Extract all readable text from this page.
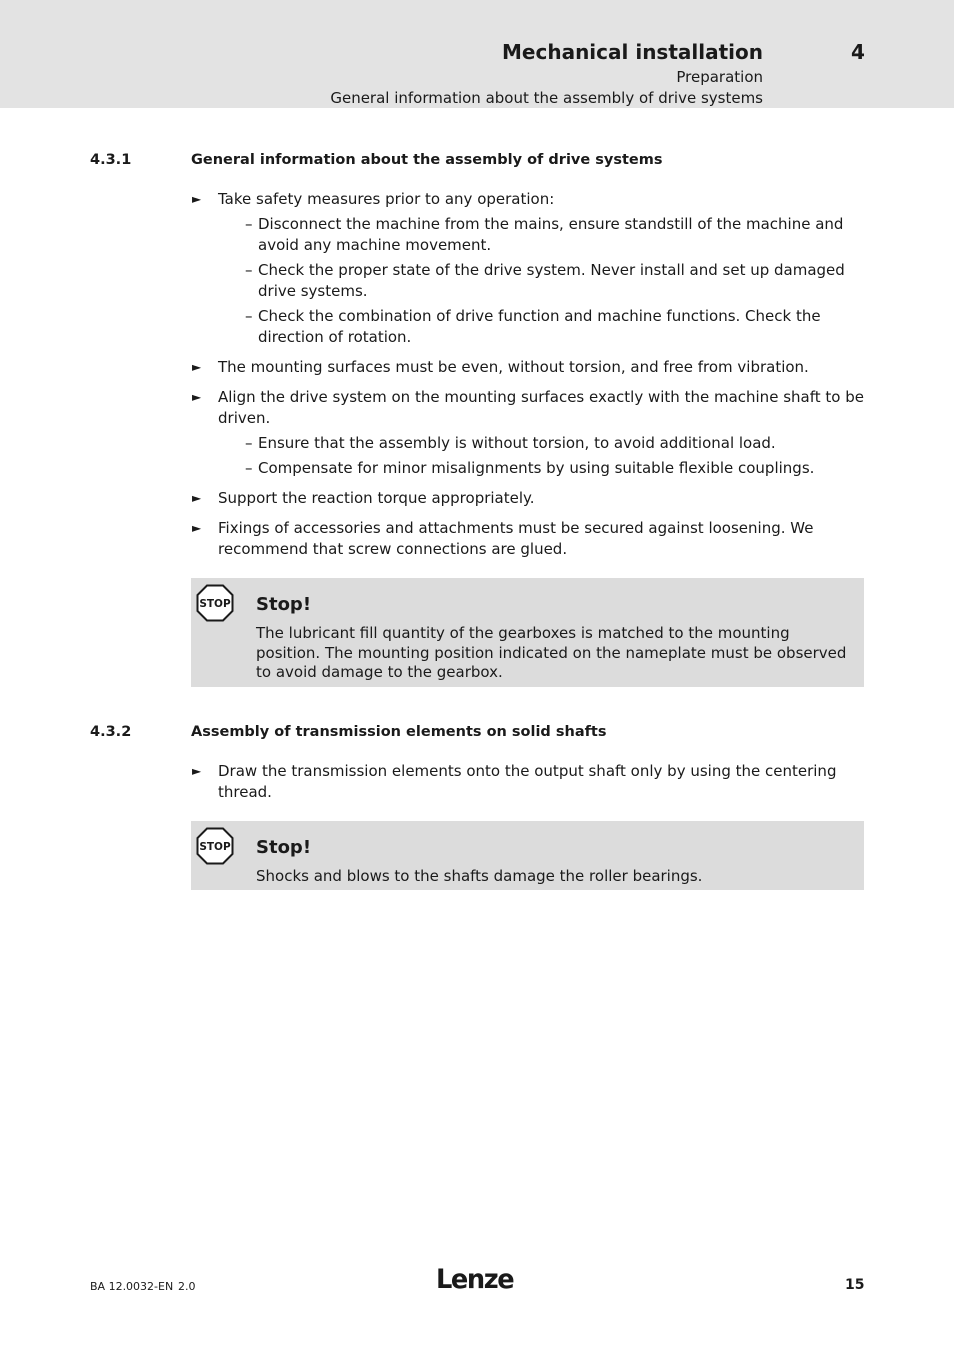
Mechanical installation	4
Preparation
General information about the assembly of drive systems
4.3.1	General information about the assembly of drive systems
► Take safety measures prior to any operation:
– Disconnect the machine from the mains, ensure standstill of the machine and avoid any machine movement.
– Check the proper state of the drive system. Never install and set up damaged drive systems.
– Check the combination of drive function and machine functions. Check the direction of rotation.
► The mounting surfaces must be even, without torsion, and free from vibration.
► Align the drive system on the mounting surfaces exactly with the machine shaft to be driven.
– Ensure that the assembly is without torsion, to avoid additional load.
– Compensate for minor misalignments by using suitable flexible couplings.
► Support the reaction torque appropriately.
► Fixings of accessories and attachments must be secured against loosening. We recommend that screw connections are glued.
STOP Stop!
The lubricant fill quantity of the gearboxes is matched to the mounting position. The mounting position indicated on the nameplate must be observed to avoid damage to the gearbox.
4.3.2	Assembly of transmission elements on solid shafts
► Draw the transmission elements onto the output shaft only by using the centering thread.
STOP Stop!
Shocks and blows to the shafts damage the roller bearings.
BA 12.0032-EN 2.0	Lenze	15
